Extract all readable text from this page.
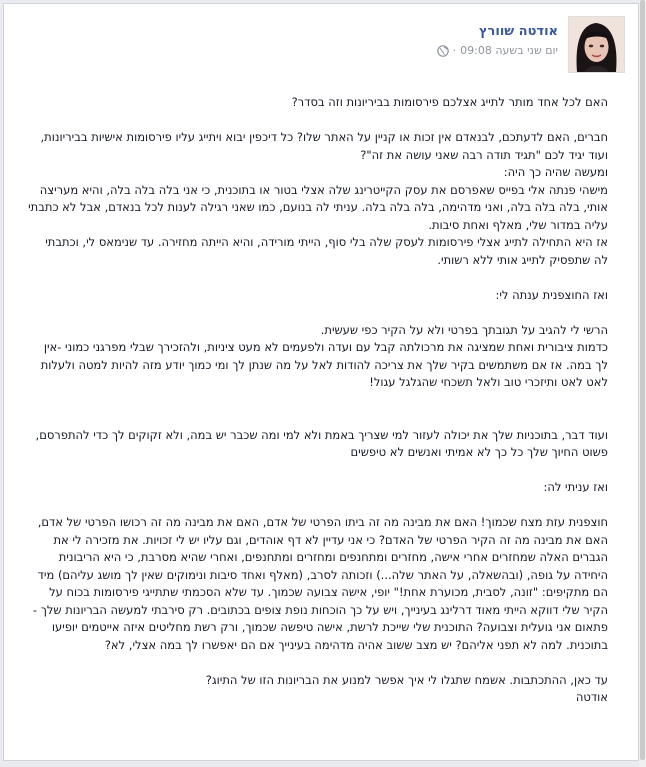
אודטה שוורץ
יום שני בשעה 09:08
·
האם לכל אחד מותר לתייג אצלכם פירסומות בביריונות וזה בסדר?

חברים, האם לדעתכם, לבנאדם אין זכות או קניין על האתר שלו? כל דיכפין יבוא ויתייג עליו פירסומות אישיות בביריונות, ועוד יגיד לכם "תגיד תודה רבה שאני עושה את זה"?
ומעשה שהיה כך היה:
מישהי פנתה אלי בפייס שאפרסם את עסק הקייטרינג שלה אצלי בטור או בתוכנית, כי אני בלה בלה בלה, והיא מעריצה אותי, בלה בלה בלה, ואני מדהימה, בלה בלה בלה. עניתי לה בנועם, כמו שאני רגילה לענות לכל בנאדם, אבל לא כתבתי עליה במדור שלי, מאלף ואחת סיבות.
אז היא התחילה לתייג אצלי פירסומות לעסק שלה בלי סוף, הייתי מורידה, והיא הייתה מחזירה. עד שנימאס לי, וכתבתי לה שתפסיק לתייג אותי ללא רשותי.

ואז החוצפנית ענתה לי:

הרשי לי להגיב על תגובתך בפרטי ולא על הקיר כפי שעשית.
כדמות ציבורית ואחת שמציגה את מרכולתה קבל עם ועדה ולפעמים לא מעט ציניות, ולהזכירך שבלי מפרגני כמוני -אין לך במה. אז אם משתמשים בקיר שלך את צריכה להודות לאל על מה שנתן לך ומי כמוך יודע מזה להיות למטה ולעלות לאט לאט ותיזכרי טוב ולאל תשכחי שהגלגל עגול!

ועוד דבר, בתוכניות שלך את יכולה לעזור למי שצריך באמת ולא למי ומה שכבר יש במה, ולא זקוקים לך כדי להתפרסם, פשוט החיוך שלך כל כך לא אמיתי ואנשים לא טיפשים

ואז עניתי לה:

חוצפנית עזת מצח שכמוך! האם את מבינה מה זה ביתו הפרטי של אדם, האם את מבינה מה זה רכושו הפרטי של אדם, האם את מבינה מה זה הקיר הפרטי של האדם? כי אני עדיין לא דף אוהדים, וגם עליו יש לי זכויות. את מזכירה לי את הגברים האלה שמחזרים אחרי אישה, מחזרים ומתחנפים ומחזרים ומתחנפים, ואחרי שהיא מסרבת, כי היא הריבונית היחידה על גופה, (ובהשאלה, על האתר שלה...) וזכותה לסרב, (מאלף ואחד סיבות ונימוקים שאין לך מושג עליהם) מיד הם מתקיפים: "זונה, לסבית, מכוערת אחת!" יופי, אישה צבועה שכמוך. עד שלא הסכמתי שתתייגי פירסומות בכוח על הקיר שלי דווקא הייתי מאוד דרלינג בעינייך, ויש על כך הוכחות נופת צופים בכתובים. רק סירבתי למעשה הבריונות שלך - פתאום אני גועלית וצבועה? התוכנית שלי שייכת לרשת, אישה טיפשה שכמוך, ורק רשת מחליטים איזה אייטמים יופיעו בתוכנית. למה לא תפני אליהם? יש מצב ששוב אהיה מדהימה בעינייך אם הם יאפשרו לך במה אצלי, לא?

עד כאן, ההתכתבות. אשמח שתגלו לי איך אפשר למנוע את הבריונות הזו של התיוג?
אודטה
